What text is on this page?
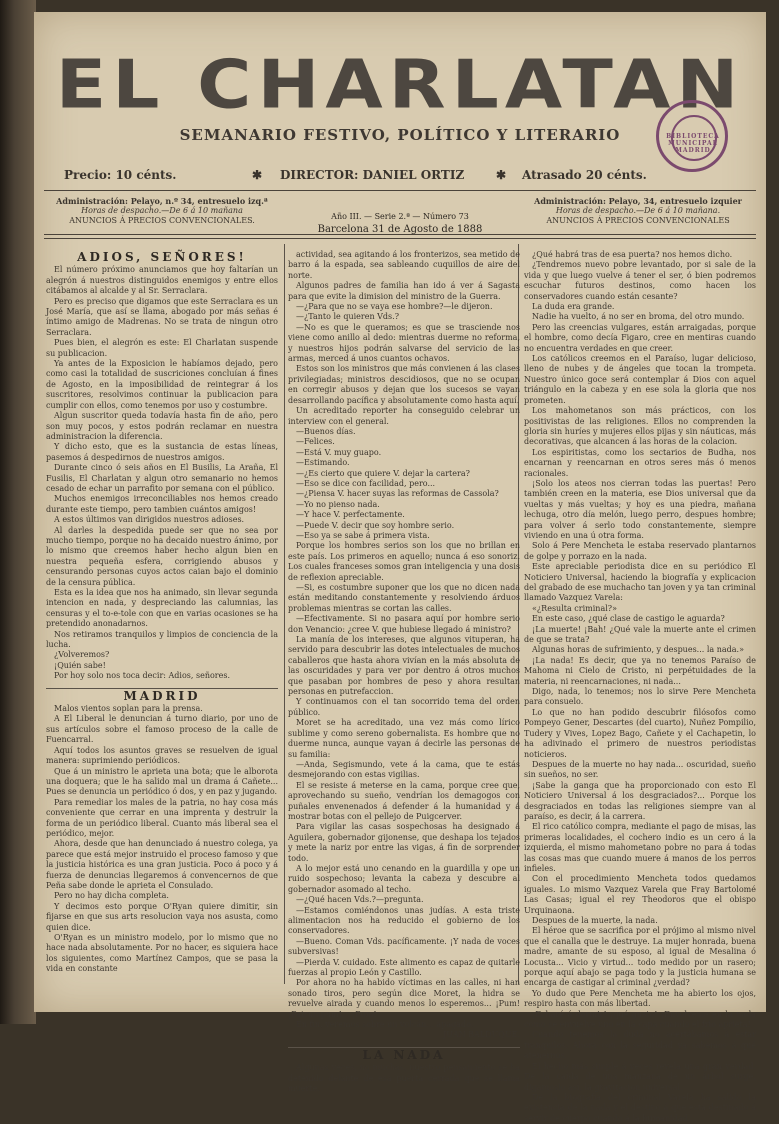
EL CHARLATAN
SEMANARIO FESTIVO, POLÍTICO Y LITERARIO	BIBLIOTECA MUNICIPAL MADRID
Precio: 10 cénts.	✱ DIRECTOR: DANIEL ORTIZ	✱ Atrasado 20 cénts.
Administración: Pelayo, n.º 34, entresuelo izq.ª
Horas de despacho.—De 6 á 10 mañana
ANUNCIOS Á PRECIOS CONVENCIONALES.	Año III. — Serie 2.ª — Número 73
Barcelona 31 de Agosto de 1888
Administración: Pelayo, 34, entresuelo izquier
Horas de despacho.—De 6 á 10 mañana.
ANUNCIOS Á PRECIOS CONVENCIONALES
ADIOS, SEÑORES!

El número próximo anunciamos que hoy faltarían un alegrón á nuestros distinguidos enemigos y entre ellos citábamos al alcalde y al Sr. Serraclara.

Pero es preciso que digamos que este Serraclara es un José María, que así se llama, abogado por más señas é íntimo amigo de Madrenas. No se trata de ningun otro Serraclara.

Pues bien, el alegrón es este: El Charlatan suspende su publicacion.

Ya antes de la Exposicion le habíamos dejado, pero como casi la totalidad de suscriciones concluían á fines de Agosto, en la imposibilidad de reintegrar á los suscritores, resolvimos continuar la publicacion para cumplir con ellos, como tenemos por uso y costumbre.

Algun suscritor queda todavía hasta fin de año, pero son muy pocos, y estos podrán reclamar en nuestra administracion la diferencia.

Y dicho esto, que es la sustancia de estas líneas, pasemos á despedirnos de nuestros amigos.

Durante cinco ó seis años en El Busilis, La Araña, El Fusilis, El Charlatan y algun otro semanario no hemos cesado de echar un parrafito por semana con el público.

Muchos enemigos irreconciliables nos hemos creado durante este tiempo, pero tambien cuántos amigos!

A estos últimos van dirigidos nuestros adioses.

Al darles la despedida puede ser que no sea por mucho tiempo, porque no ha decaido nuestro ánimo, por lo mismo que creemos haber hecho algun bien en nuestra pequeña esfera, corrigiendo abusos y censurando personas cuyos actos caian bajo el dominio de la censura pública.

Esta es la idea que nos ha animado, sin llevar segunda intencion en nada, y despreciando las calumnias, las censuras y el to-e-tole con que en varias ocasiones se ha pretendido anonadarnos.

Nos retiramos tranquilos y limpios de conciencia de la lucha.

¿Volveremos?

¡Quién sabe!

Por hoy solo nos toca decir: Adios, señores.

MADRID

Malos vientos soplan para la prensa.

A El Liberal le denuncian á turno diario, por uno de sus artículos sobre el famoso proceso de la calle de Fuencarral.

Aquí todos los asuntos graves se resuelven de igual manera: suprimiendo periódicos.

Que á un ministro le aprieta una bota; que le alborota una doquera; que le ha salido mal un drama á Cañete... Pues se denuncia un periódico ó dos, y en paz y jugando.

Para remediar los males de la patria, no hay cosa más conveniente que cerrar en una imprenta y destruir la forma de un periódico liberal. Cuanto más liberal sea el periódico, mejor.

Ahora, desde que han denunciado á nuestro colega, ya parece que está mejor instruido el proceso famoso y que la justicia histórica es una gran justicia. Poco á poco y á fuerza de denuncias llegaremos á convencernos de que Peña sabe donde le aprieta el Consulado.

Pero no hay dicha completa.

Y decimos esto porque O'Ryan quiere dimitir, sin fijarse en que sus arts resolucion vaya nos asusta, como quien dice.

O'Ryan es un ministro modelo, por lo mismo que no hace nada absolutamente. Por no hacer, es siquiera hace los siguientes, como Martínez Campos, que se pasa la vida en constante

actividad, sea agitando á los fronterizos, sea metido de barro á la espada, sea sableando cuquillos de aire del norte.

Algunos padres de familia han ido á ver á Sagasta para que evite la dimision del ministro de la Guerra.

—¿Para que no se vaya ese hombre?—le dijeron.

—¿Tanto le quieren Vds.?

—No es que le queramos; es que se trasciende nos viene como anillo al dedo: mientras duerme no reforma, y nuestros hijos podrán salvarse del servicio de las armas, merced á unos cuantos ochavos.

Estos son los ministros que más convienen á las clases privilegiadas; ministros descidiosos, que no se ocupan en corregir abusos y dejan que los sucesos se vayan desarrollando pacífica y absolutamente como hasta aquí.

Un acreditado reporter ha conseguido celebrar un interview con el general.

—Buenos días.

—Felices.

—Está V. muy guapo.

—Estimando.

—¿Es cierto que quiere V. dejar la cartera?

—Eso se dice con facilidad, pero...

—¿Piensa V. hacer suyas las reformas de Cassola?

—Yo no pienso nada.

—Y hace V. perfectamente.

—Puede V. decir que soy hombre serio.

—Eso ya se sabe á primera vista.

Porque los hombres serios son los que no brillan en este país. Los primeros en aquello; nunca á eso sonoriz. Los cuales franceses somos gran inteligencia y una dosis de reflexion apreciable.

—Si, es costumbre suponer que los que no dicen nada están meditando constantemente y resolviendo árduos problemas mientras se cortan las calles.

—Efectivamente. Si no pasara aquí por hombre serio don Venancio: ¿cree V. que hubiese llegado á ministro?

La manía de los intereses, que algunos vituperan, ha servido para descubrir las dotes intelectuales de muchos caballeros que hasta ahora vivían en la más absoluta de las oscuridades y para ver por dentro á otros muchos que pasaban por hombres de peso y ahora resultan personas en putrefaccion.

Y continuamos con el tan socorrido tema del orden público.

Moret se ha acreditado, una vez más como lírico sublime y como sereno gobernalista. Es hombre que no duerme nunca, aunque vayan á decirle las personas de su familia:

—Anda, Segismundo, vete á la cama, que te estás desmejorando con estas vigilias.

El se resiste á meterse en la cama, porque cree que, aprovechando su sueño, vendrían los demagogos con puñales envenenados á defender á la humanidad y á mostrar botas con el pellejo de Puigcerver.

Para vigilar las casas sospechosas ha designado á Aguilera, gobernador gijonense, que deshapa los tejados y mete la nariz por entre las vigas, á fin de sorprender todo.

A lo mejor está uno cenando en la guardilla y ope un ruido sospechoso; levanta la cabeza y descubre al gobernador asomado al techo.

—¿Qué hacen Vds.?—pregunta.

—Estamos comiéndonos unas judías. A esta triste alimentacion nos ha reducido el gobierno de los conservadores.

—Bueno. Coman Vds. pacíficamente. ¡Y nada de voces subversivas!

—Pierda V. cuidado. Este alimento es capaz de quitarle fuerzas al propio León y Castillo.

Por ahora no ha habido víctimas en las calles, ni han sonado tiros, pero según dice Moret, la hidra se revuelve airada y cuando menos lo esperemos... ¡Pum! ¡Patrumpum!... ¡Pum!

En fin, veremos sobre un volcán... apagado.

JUAN BALDUQUE.
LA NADA

Algunas veces, no muchas, nuestro pensamiento se ha detenido delante de esa puerta cerrada que se llama muerte.

¿Qué habrá tras de esa puerta? nos hemos dicho.

¿Tendremos nuevo pobre levantado, por si sale de la vida y que luego vuelve á tener el ser, ó bien podremos escuchar futuros destinos, como hacen los conservadores cuando están cesante?

La duda era grande.

Nadie ha vuelto, á no ser en broma, del otro mundo.

Pero las creencias vulgares, están arraigadas, porque el hombre, como decía Figaro, cree en mentiras cuando no encuentra verdades en que creer.

Los católicos creemos en el Paraíso, lugar delicioso, lleno de nubes y de ángeles que tocan la trompeta. Nuestro único goce será contemplar á Dios con aquel triángulo en la cabeza y en ese sola la gloria que nos prometen.

Los mahometanos son más prácticos, con los positivistas de las religiones. Ellos no comprenden la gloria sin huríes y mujeres ellos pijas y sin náuticas, más decorativas, que alcancen á las horas de la colacion.

Los espiritistas, como los sectarios de Budha, nos encarnan y reencarnan en otros seres más ó menos racionales.

¡Solo los ateos nos cierran todas las puertas! Pero también creen en la materia, ese Dios universal que da vueltas y más vueltas; y hoy es una piedra, mañana lechuga, otro día melón, luego perro, despues hombre; para volver á serlo todo constantemente, siempre viviendo en una ú otra forma.

Solo á Pere Mencheta le estaba reservado plantarnos de golpe y porrazo en la nada.

Este apreciable periodista dice en su periódico El Noticiero Universal, haciendo la biografía y explicacion del grabado de ese muchacho tan joven y ya tan criminal llamado Vazquez Varela:

«¿Resulta criminal?»

En este caso, ¿qué clase de castigo le aguarda?

¡La muerte! ¡Bah! ¿Qué vale la muerte ante el crimen de que se trata?

Algunas horas de sufrimiento, y despues... la nada.»

¡La nada! Es decir, que ya no tenemos Paraíso de Mahoma ni Cielo de Cristo, ni perpétuidades de la materia, ni reencarnaciones, ni nada...

Digo, nada, lo tenemos; nos lo sirve Pere Mencheta para consuelo.

Lo que no han podido descubrir filósofos como Pompeyo Gener, Descartes (del cuarto), Nuñez Pompilio, Tudery y Vives, Lopez Bago, Cañete y el Cachapetin, lo ha adivinado el primero de nuestros periodistas noticieros.

Despues de la muerte no hay nada... oscuridad, sueño sin sueños, no ser.

¡Sabe la ganga que ha proporcionado con esto El Noticiero Universal á los desgraciados?... Porque los desgraciados en todas las religiones siempre van al paraíso, es decir, á la carrera.

El rico católico compra, mediante el pago de misas, las primeras localidades, el cochero indio es un cero á la izquierda, el mismo mahometano pobre no para á todas las cosas mas que cuando muere á manos de los perros infieles.

Con el procedimiento Mencheta todos quedamos iguales. Lo mismo Vazquez Varela que Fray Bartolomé Las Casas; igual el rey Theodoros que el obispo Urquinaona.

Despues de la muerte, la nada.

El héroe que se sacrifica por el prójimo al mismo nivel que el canalla que le destruye. La mujer honrada, buena madre, amante de su esposo, al igual de Mesalina ó Locusta... Vicio y virtud... todo medido por un rasero; porque aquí abajo se paga todo y la justicia humana se encarga de castigar al criminal ¿verdad?

Yo dudo que Pere Mencheta me ha abierto los ojos, respiro hasta con más libertad.

¡Echaré á dormir! ¡qué gusto! ¡Envolveme en la nada como se envuelve uno en la capa cuando el frio aprieta!

Cuando tenemos la duda no acertábamos á estar tranquilos. Ahora con la seguridad ya sabemos á qué atenernos.

El hecho más simple á veces revela una gran verdad. De la caída de una manzana de un árbol surge, digámoslo así, la gravitacion universal.

De la biografía del criminal Varela ha salido la existencia de la nada y el destino á que está destinado á servir de cuerpo cuando á la humanidad.
